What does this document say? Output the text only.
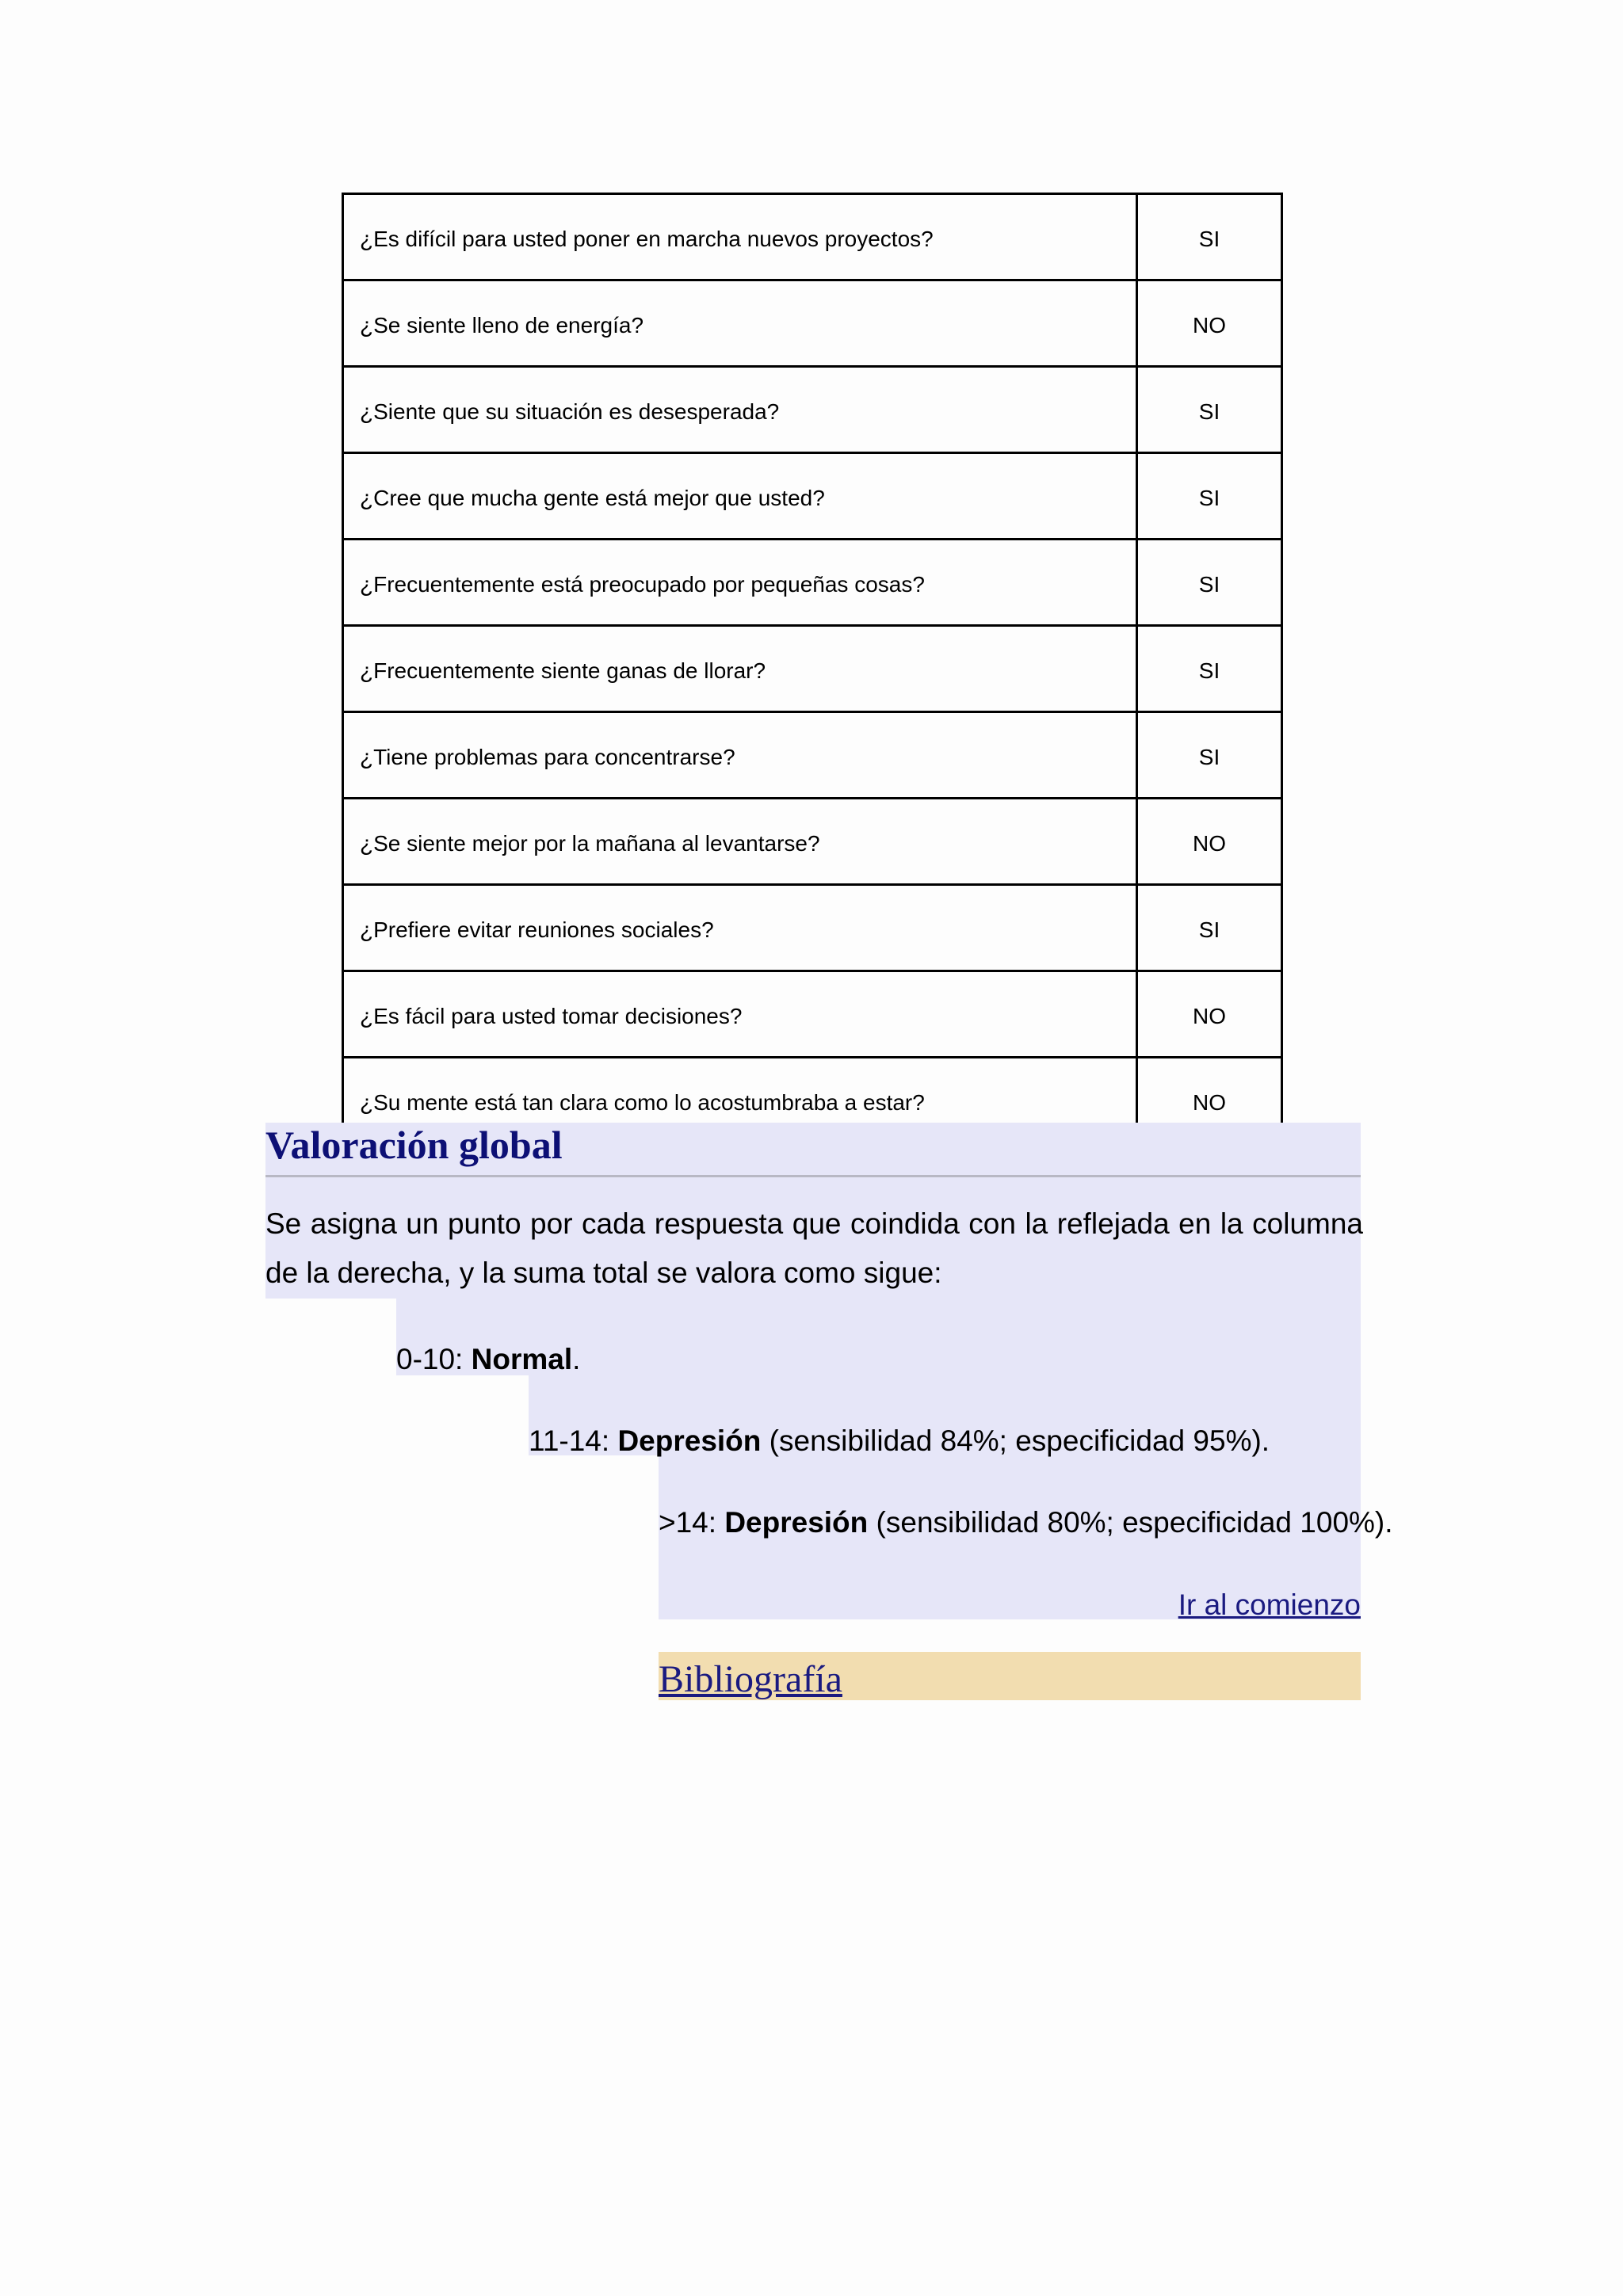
¿Es difícil para usted poner en marcha nuevos proyectos?	SI
¿Se siente lleno de energía?	NO
¿Siente que su situación es desesperada?	SI
¿Cree que mucha gente está mejor que usted?	SI
¿Frecuentemente está preocupado por pequeñas cosas?	SI
¿Frecuentemente siente ganas de llorar?	SI
¿Tiene problemas para concentrarse?	SI
¿Se siente mejor por la mañana al levantarse?	NO
¿Prefiere evitar reuniones sociales?	SI
¿Es fácil para usted tomar decisiones?	NO
¿Su mente está tan clara como lo acostumbraba a estar?	NO
Valoración global

Se asigna un punto por cada respuesta que coindida con la reflejada en la columna de la derecha, y la suma total se valora como sigue:

0-10: Normal.
11-14: Depresión (sensibilidad 84%; especificidad 95%).
>14: Depresión (sensibilidad 80%; especificidad 100%).
Ir al comienzo
Bibliografía
